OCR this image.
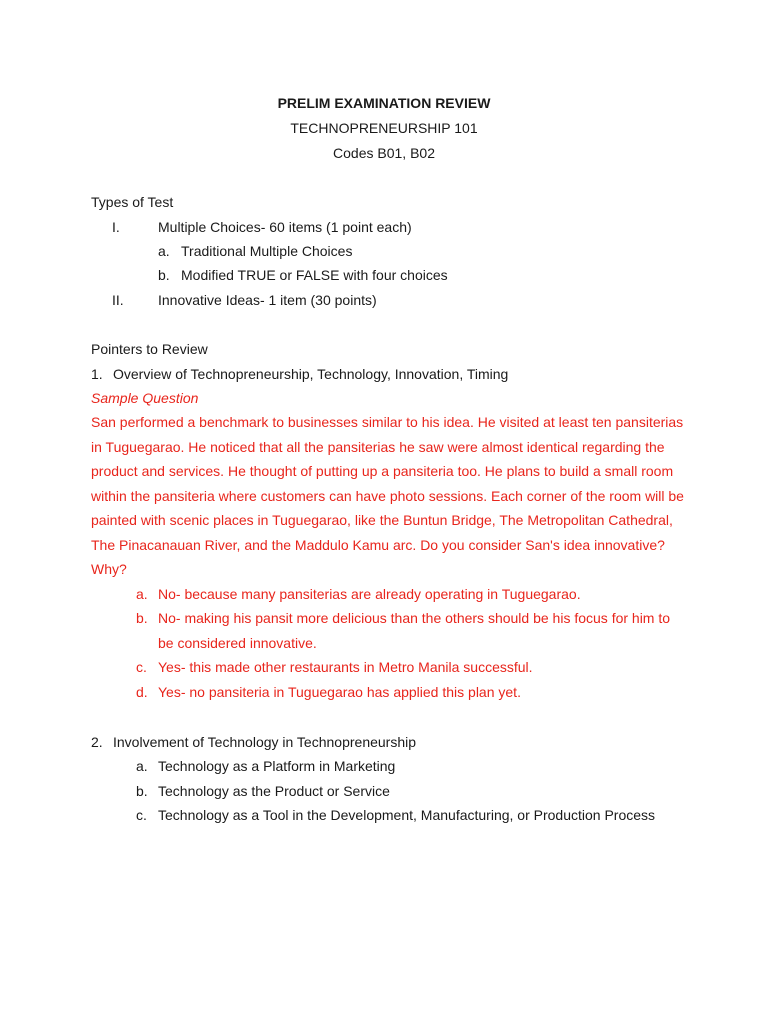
PRELIM EXAMINATION REVIEW
TECHNOPRENEURSHIP 101
Codes B01, B02
Types of Test
I.	Multiple Choices- 60 items (1 point each)
a. Traditional Multiple Choices
b. Modified TRUE or FALSE with four choices
II. Innovative Ideas- 1 item (30 points)
Pointers to Review
1. Overview of Technopreneurship, Technology, Innovation, Timing
Sample Question
San performed a benchmark to businesses similar to his idea. He visited at least ten pansiterias
in Tuguegarao. He noticed that all the pansiterias he saw were almost identical regarding the
product and services. He thought of putting up a pansiteria too. He plans to build a small room
within the pansiteria where customers can have photo sessions. Each corner of the room will be
painted with scenic places in Tuguegarao, like the Buntun Bridge, The Metropolitan Cathedral,
The Pinacanauan River, and the Maddulo Kamu arc. Do you consider San's idea innovative?
Why?
a. No- because many pansiterias are already operating in Tuguegarao.
b. No- making his pansit more delicious than the others should be his focus for him to
be considered innovative.
c. Yes- this made other restaurants in Metro Manila successful.
d. Yes- no pansiteria in Tuguegarao has applied this plan yet.
2. Involvement of Technology in Technopreneurship
a. Technology as a Platform in Marketing
b. Technology as the Product or Service
c. Technology as a Tool in the Development, Manufacturing, or Production Process
